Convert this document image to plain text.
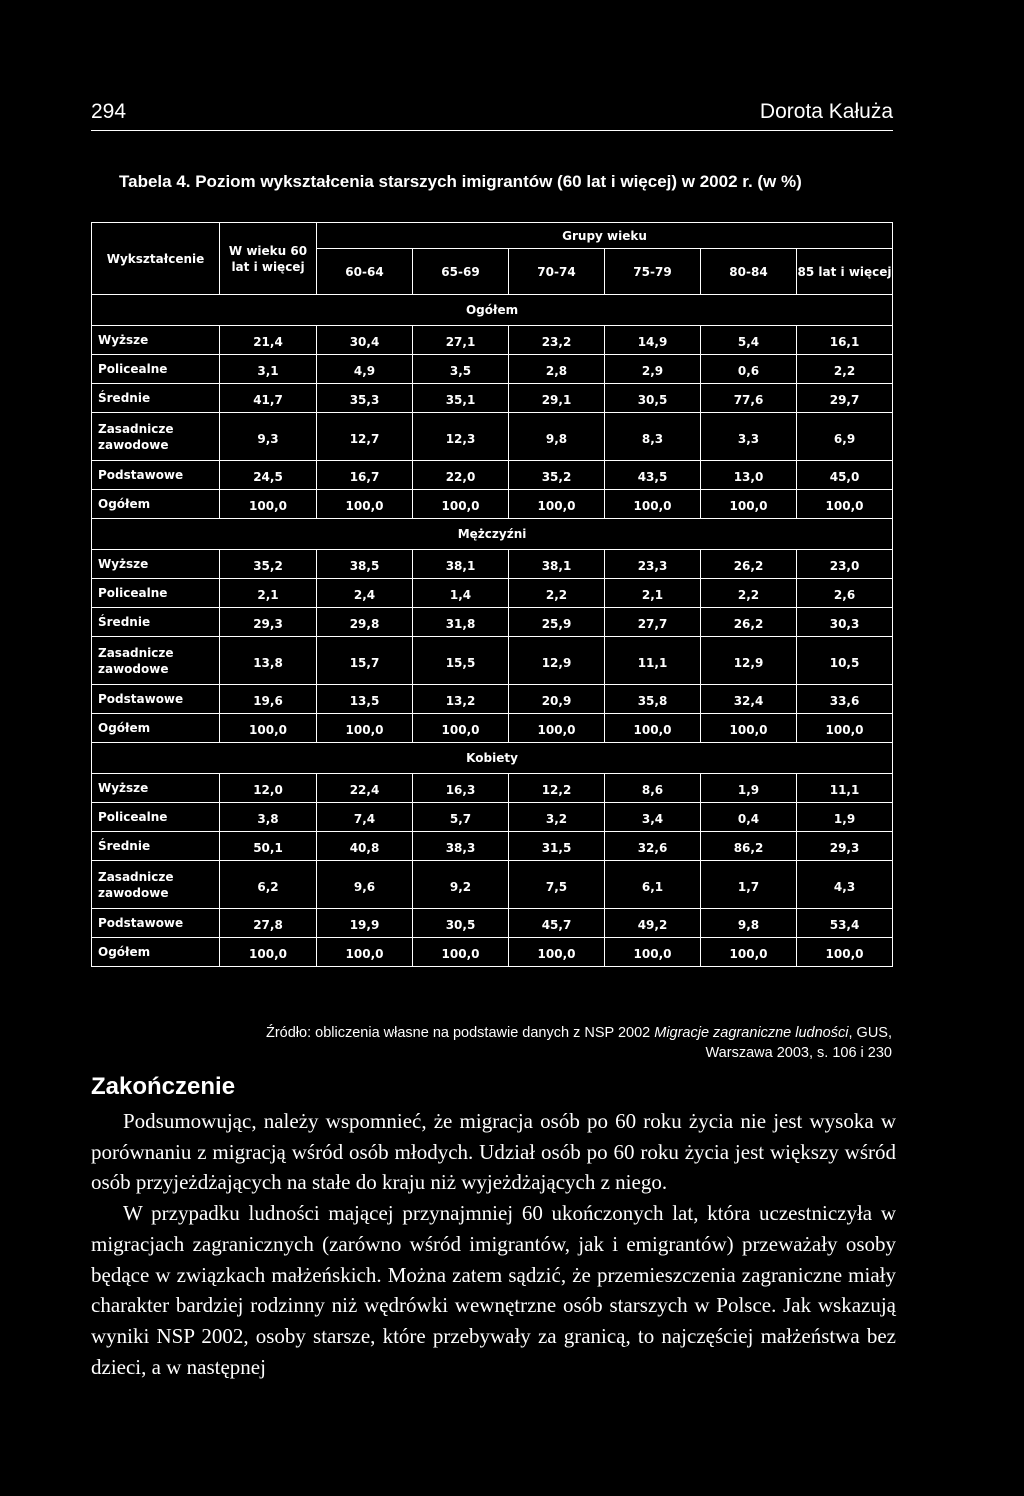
294	Dorota Kałuża
Tabela 4. Poziom wykształcenia starszych imigrantów (60 lat i więcej) w 2002 r. (w %)
Wykształcenie	W wieku 60 lat i więcej	Grupy wieku					
		60-64	65-69	70-74	75-79	80-84	85 lat i więcej
Ogółem							
Wyższe	21,4	30,4	27,1	23,2	14,9	5,4	16,1
Policealne	3,1	4,9	3,5	2,8	2,9	0,6	2,2
Średnie	41,7	35,3	35,1	29,1	30,5	77,6	29,7
Zasadnicze zawodowe	9,3	12,7	12,3	9,8	8,3	3,3	6,9
Podstawowe	24,5	16,7	22,0	35,2	43,5	13,0	45,0
Ogółem	100,0	100,0	100,0	100,0	100,0	100,0	100,0
Mężczyźni							
Wyższe	35,2	38,5	38,1	38,1	23,3	26,2	23,0
Policealne	2,1	2,4	1,4	2,2	2,1	2,2	2,6
Średnie	29,3	29,8	31,8	25,9	27,7	26,2	30,3
Zasadnicze zawodowe	13,8	15,7	15,5	12,9	11,1	12,9	10,5
Podstawowe	19,6	13,5	13,2	20,9	35,8	32,4	33,6
Ogółem	100,0	100,0	100,0	100,0	100,0	100,0	100,0
Kobiety							
Wyższe	12,0	22,4	16,3	12,2	8,6	1,9	11,1
Policealne	3,8	7,4	5,7	3,2	3,4	0,4	1,9
Średnie	50,1	40,8	38,3	31,5	32,6	86,2	29,3
Zasadnicze zawodowe	6,2	9,6	9,2	7,5	6,1	1,7	4,3
Podstawowe	27,8	19,9	30,5	45,7	49,2	9,8	53,4
Ogółem	100,0	100,0	100,0	100,0	100,0	100,0	100,0
Źródło: obliczenia własne na podstawie danych z NSP 2002 Migracje zagraniczne ludności, GUS,
Warszawa 2003, s. 106 i 230
Zakończenie

Podsumowując, należy wspomnieć, że migracja osób po 60 roku życia nie jest wysoka w porównaniu z migracją wśród osób młodych. Udział osób po 60 roku życia jest większy wśród osób przyjeżdżających na stałe do kraju niż wyjeżdżających z niego.

W przypadku ludności mającej przynajmniej 60 ukończonych lat, która uczestniczyła w migracjach zagranicznych (zarówno wśród imigrantów, jak i emigrantów) przeważały osoby będące w związkach małżeńskich. Można zatem sądzić, że przemieszczenia zagraniczne miały charakter bardziej rodzinny niż wędrówki wewnętrzne osób starszych w Polsce. Jak wskazują wyniki NSP 2002, osoby starsze, które przebywały za granicą, to najczęściej małżeństwa bez dzieci, a w następnej
